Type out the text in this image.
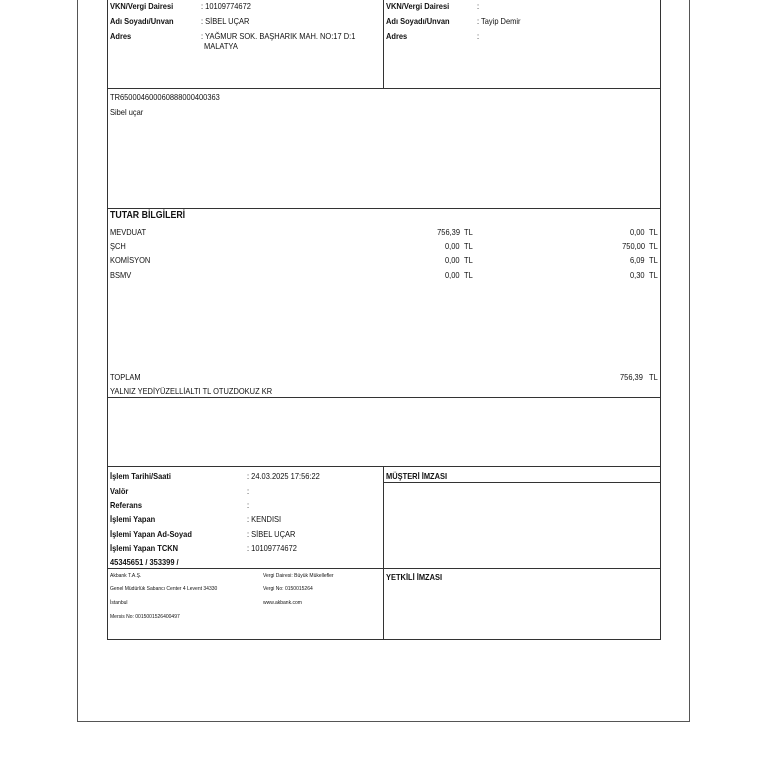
VKN/Vergi Dairesi	: 10109774672
Adı Soyadı/Unvan	: SİBEL UÇAR
Adres	: YAĞMUR SOK. BAŞHARIK MAH. NO:17 D:1
MALATYA
VKN/Vergi Dairesi	:
Adı Soyadı/Unvan	: Tayip Demir
Adres	:
TR650004600060888000400363
Sibel uçar
TUTAR BİLGİLERİ
MEVDUAT	756,39 TL	0,00 TL
ŞCH	0,00 TL	750,00 TL
KOMİSYON	0,00 TL	6,09 TL
BSMV	0,00 TL	0,30 TL
TOPLAM	756,39 TL
YALNIZ YEDİYÜZELLİALTI TL OTUZDOKUZ KR
İşlem Tarihi/Saati	: 24.03.2025 17:56:22
Valör	:
Referans	:
İşlemi Yapan	: KENDISI
İşlemi Yapan Ad-Soyad	: SİBEL UÇAR
İşlemi Yapan TCKN	: 10109774672
45345651 / 353399 /
MÜŞTERİ İMZASI
Akbank T.A.Ş.
Genel Müdürlük Sabancı Center 4 Levent 34330
İstanbul
Mersis No: 0015001526400497
Vergi Dairesi: Büyük Mükellefler
Vergi No: 0150015264
www.akbank.com
YETKİLİ İMZASI
